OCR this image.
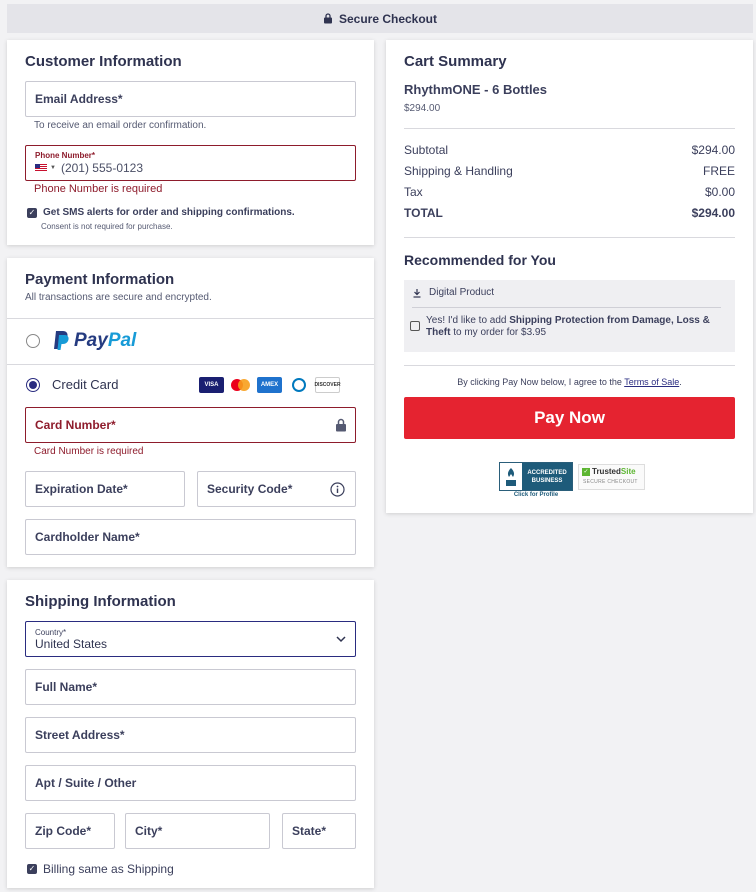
Secure Checkout
Customer Information
Email Address*
To receive an email order confirmation.
Phone Number*
▼ (201) 555-0123
Phone Number is required
✓ Get SMS alerts for order and shipping confirmations.
Consent is not required for purchase.
Payment Information
All transactions are secure and encrypted.
PayPal
Credit Card	VISA	AMEX	DISCOVER
Card Number*
Card Number is required
Expiration Date*	Security Code*
Cardholder Name*
Shipping Information
Country*
United States
Full Name*
Street Address*
Apt / Suite / Other
Zip Code*	City*	State*
✓ Billing same as Shipping
Cart Summary
RhythmONE - 6 Bottles
$294.00
Subtotal	$294.00
Shipping & Handling	FREE
Tax	$0.00
TOTAL	$294.00
Recommended for You
Digital Product
Yes! I'd like to add Shipping Protection from Damage, Loss & Theft to my order for $3.95
By clicking Pay Now below, I agree to the Terms of Sale.
Pay Now
ACCREDITED
BUSINESS
Click for Profile
✓ TrustedSite
SECURE CHECKOUT
